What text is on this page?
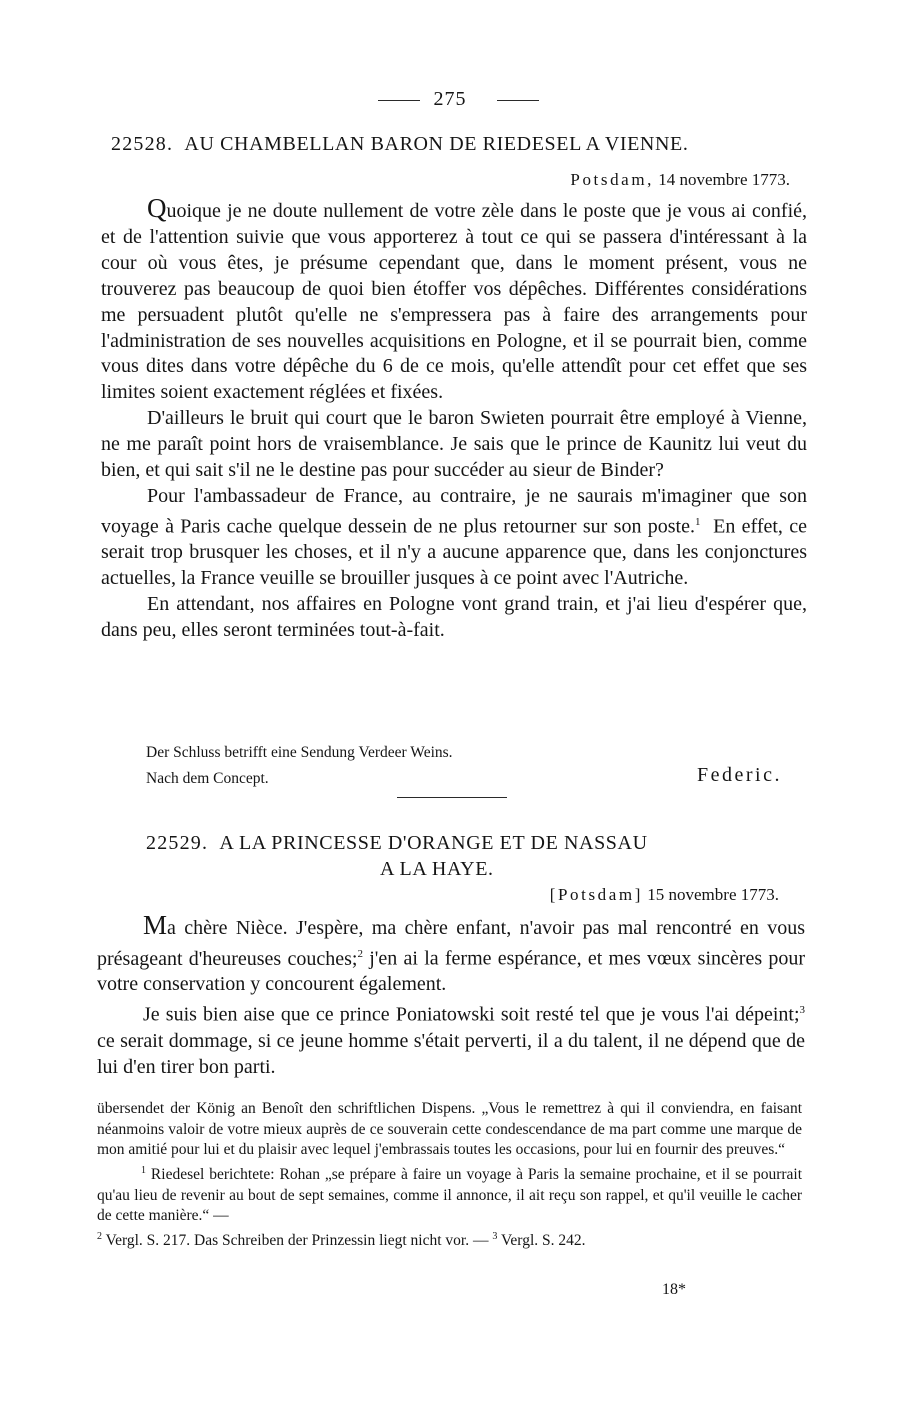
275
22528. AU CHAMBELLAN BARON DE RIEDESEL A VIENNE.
Potsdam, 14 novembre 1773.

Quoique je ne doute nullement de votre zèle dans le poste que je vous ai confié, et de l'attention suivie que vous apporterez à tout ce qui se passera d'intéressant à la cour où vous êtes, je présume cependant que, dans le moment présent, vous ne trouverez pas beaucoup de quoi bien étoffer vos dépêches. Différentes considérations me persuadent plutôt qu'elle ne s'empressera pas à faire des arrangements pour l'administration de ses nouvelles acquisitions en Pologne, et il se pourrait bien, comme vous dites dans votre dépêche du 6 de ce mois, qu'elle attendît pour cet effet que ses limites soient exactement réglées et fixées.

D'ailleurs le bruit qui court que le baron Swieten pourrait être employé à Vienne, ne me paraît point hors de vraisemblance. Je sais que le prince de Kaunitz lui veut du bien, et qui sait s'il ne le destine pas pour succéder au sieur de Binder?

Pour l'ambassadeur de France, au contraire, je ne saurais m'imaginer que son voyage à Paris cache quelque dessein de ne plus retourner sur son poste.$^1$ En effet, ce serait trop brusquer les choses, et il n'y a aucune apparence que, dans les conjonctures actuelles, la France veuille se brouiller jusques à ce point avec l'Autriche.

En attendant, nos affaires en Pologne vont grand train, et j'ai lieu d'espérer que, dans peu, elles seront terminées tout-à-fait.

Der Schluss betrifft eine Sendung Verdeer Weins.
Nach dem Concept.	Federic.
22529. A LA PRINCESSE D'ORANGE ET DE NASSAU
A LA HAYE.
[Potsdam] 15 novembre 1773.

Ma chère Nièce. J'espère, ma chère enfant, n'avoir pas mal rencontré en vous présageant d'heureuses couches;$^2$ j'en ai la ferme espérance, et mes vœux sincères pour votre conservation y concourent également.

Je suis bien aise que ce prince Poniatowski soit resté tel que je vous l'ai dépeint;$^3$ ce serait dommage, si ce jeune homme s'était perverti, il a du talent, il ne dépend que de lui d'en tirer bon parti.

übersendet der König an Benoît den schriftlichen Dispens. „Vous le remettrez à qui il conviendra, en faisant néanmoins valoir de votre mieux auprès de ce souverain cette condescendance de ma part comme une marque de mon amitié pour lui et du plaisir avec lequel j'embrassais toutes les occasions, pour lui en fournir des preuves.“

$^1$ Riedesel berichtete: Rohan „se prépare à faire un voyage à Paris la semaine prochaine, et il se pourrait qu'au lieu de revenir au bout de sept semaines, comme il annonce, il ait reçu son rappel, et qu'il veuille le cacher de cette manière.“ —

$^2$ Vergl. S. 217. Das Schreiben der Prinzessin liegt nicht vor. — $^3$ Vergl. S. 242.

18*
